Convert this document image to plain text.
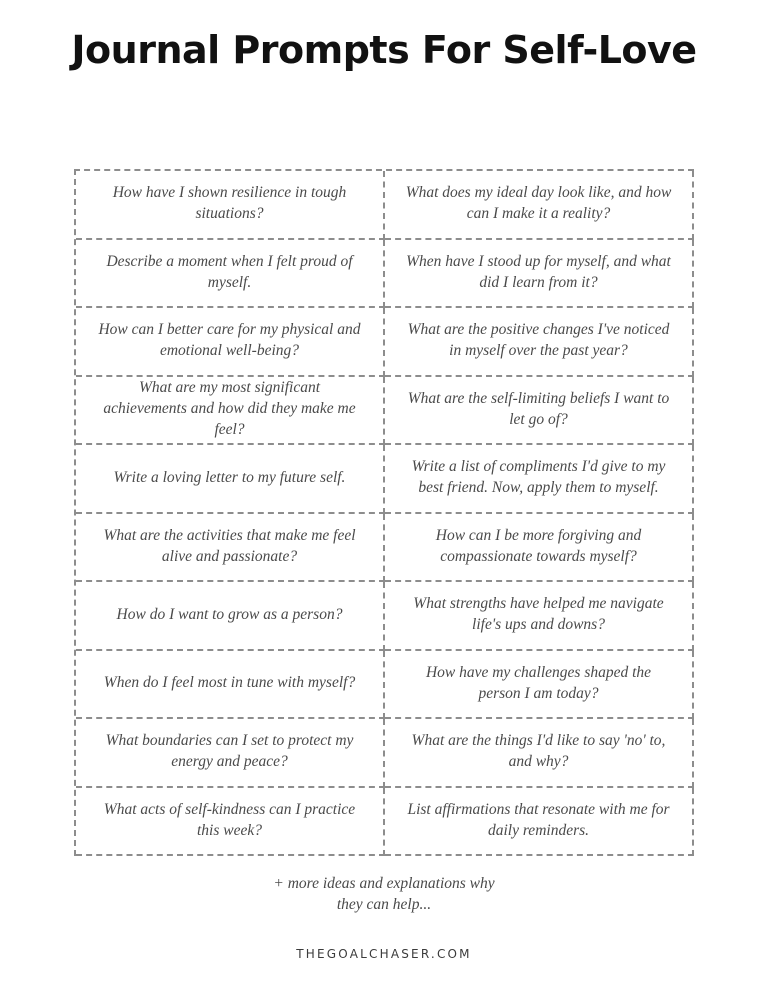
Journal Prompts For Self-Love
How have I shown resilience in tough situations?
What does my ideal day look like, and how can I make it a reality?
Describe a moment when I felt proud of myself.
When have I stood up for myself, and what did I learn from it?
How can I better care for my physical and emotional well-being?
What are the positive changes I've noticed in myself over the past year?
What are my most significant achievements and how did they make me feel?
What are the self-limiting beliefs I want to let go of?
Write a loving letter to my future self.
Write a list of compliments I'd give to my best friend. Now, apply them to myself.
What are the activities that make me feel alive and passionate?
How can I be more forgiving and compassionate towards myself?
How do I want to grow as a person?
What strengths have helped me navigate life's ups and downs?
When do I feel most in tune with myself?
How have my challenges shaped the person I am today?
What boundaries can I set to protect my energy and peace?
What are the things I'd like to say 'no' to, and why?
What acts of self-kindness can I practice this week?
List affirmations that resonate with me for daily reminders.
+ more ideas and explanations why
they can help...
THEGOALCHASER.COM
